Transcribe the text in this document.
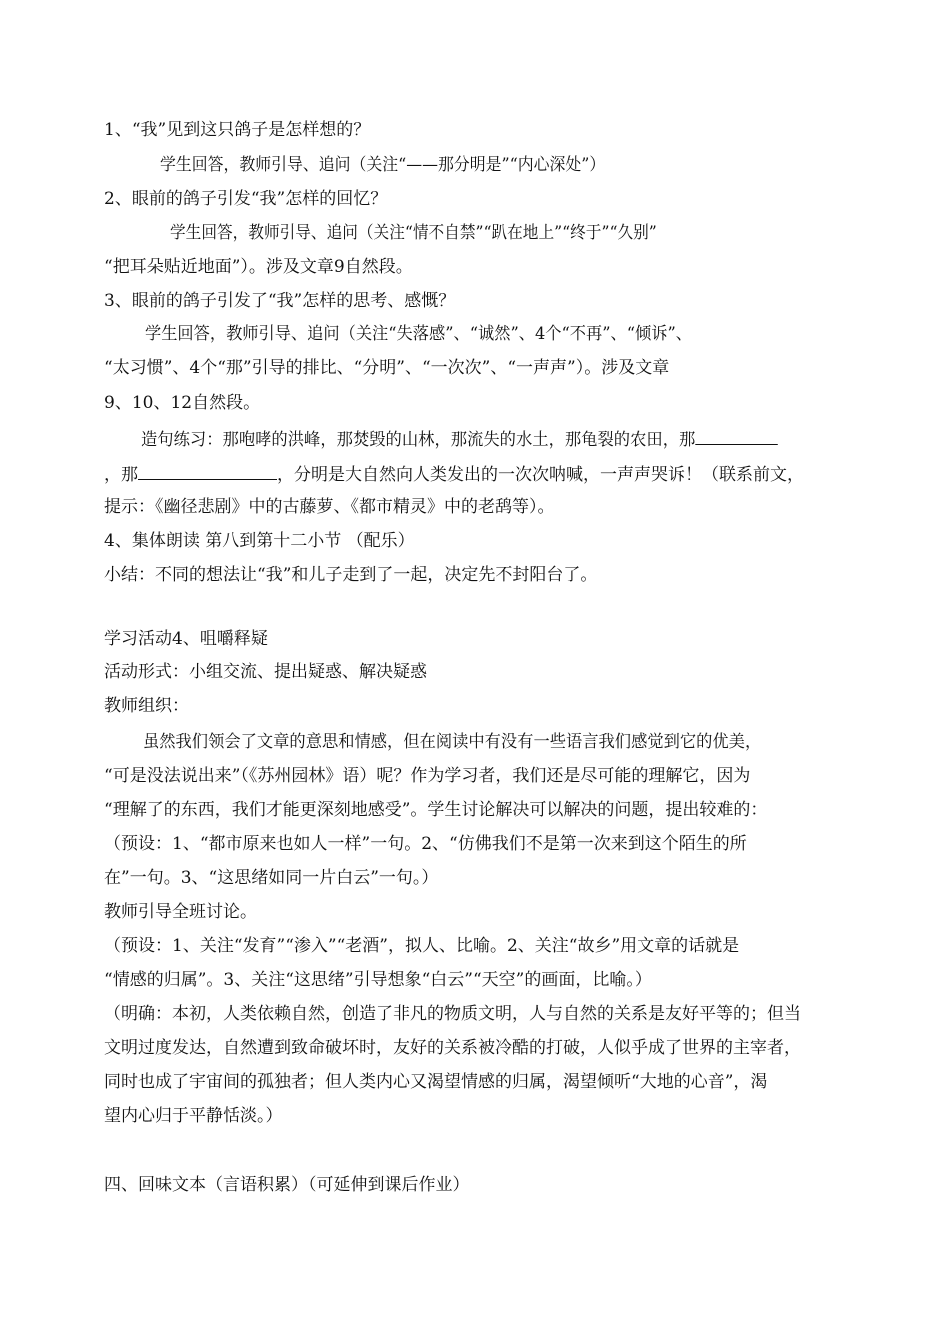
1、“我”见到这只鸽子是怎样想的？
学生回答，教师引导、追问（关注“——那分明是”“内心深处”）
2、眼前的鸽子引发“我”怎样的回忆？
学生回答，教师引导、追问（关注“情不自禁”“趴在地上”“终于”“久别”
“把耳朵贴近地面”）。涉及文章9自然段。
3、眼前的鸽子引发了“我”怎样的思考、感慨？
学生回答，教师引导、追问（关注“失落感”、“诚然”、4个“不再”、“倾诉”、
“太习惯”、4个“那”引导的排比、“分明”、“一次次”、“一声声”）。涉及文章
9、10、12自然段。
造句练习：那咆哮的洪峰，那焚毁的山林，那流失的水土，那龟裂的农田，那
，那	，分明是大自然向人类发出的一次次呐喊，一声声哭诉！（联系前文，
提示：《幽径悲剧》中的古藤萝、《都市精灵》中的老鸹等）。
4、集体朗读 第八到第十二小节 （配乐）
小结：不同的想法让“我”和儿子走到了一起，决定先不封阳台了。
学习活动4、咀嚼释疑
活动形式：小组交流、提出疑惑、解决疑惑
教师组织：
虽然我们领会了文章的意思和情感，但在阅读中有没有一些语言我们感觉到它的优美，
“可是没法说出来”（《苏州园林》语）呢？作为学习者，我们还是尽可能的理解它，因为
“理解了的东西，我们才能更深刻地感受”。学生讨论解决可以解决的问题，提出较难的：
（预设：1、“都市原来也如人一样”一句。2、“仿佛我们不是第一次来到这个陌生的所
在”一句。3、“这思绪如同一片白云”一句。）
教师引导全班讨论。
（预设：1、关注“发育”“渗入”“老酒”，拟人、比喻。2、关注“故乡”用文章的话就是
“情感的归属”。3、关注“这思绪”引导想象“白云”“天空”的画面，比喻。）
（明确：本初，人类依赖自然，创造了非凡的物质文明，人与自然的关系是友好平等的；但当
文明过度发达，自然遭到致命破坏时，友好的关系被冷酷的打破，人似乎成了世界的主宰者，
同时也成了宇宙间的孤独者；但人类内心又渴望情感的归属，渴望倾听“大地的心音”，渴
望内心归于平静恬淡。）
四、回味文本（言语积累）（可延伸到课后作业）
